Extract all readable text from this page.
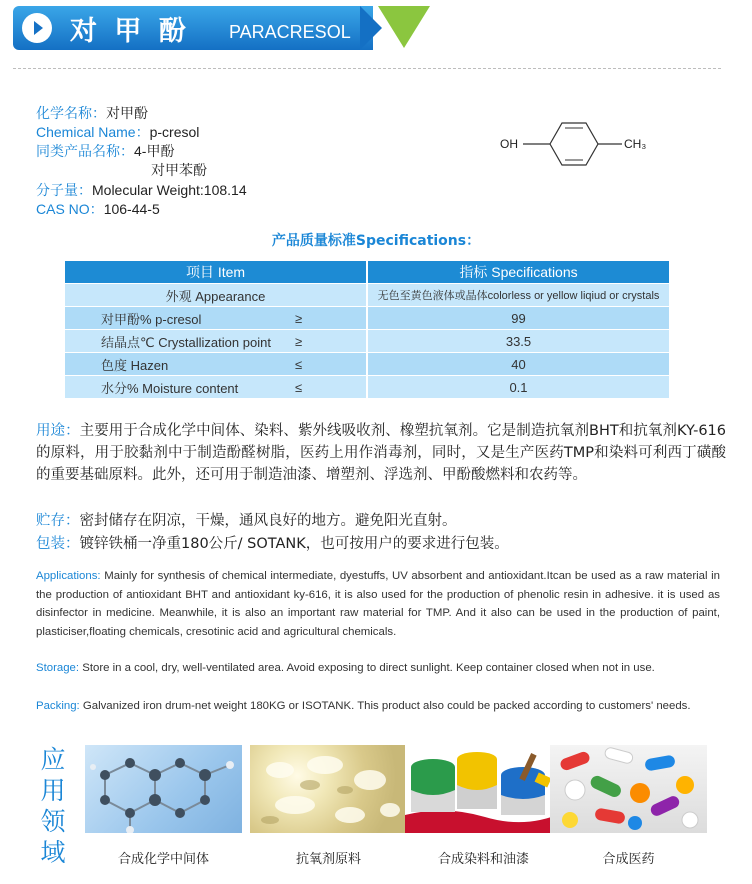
对 甲 酚 PARACRESOL
化学名称：对甲酚
Chemical Name：p-cresol
同类产品名称：4-甲酚
对甲苯酚
分子量：Molecular Weight:108.14
CAS NO：106-44-5
OH	CH₃
产品质量标准Specifications：
项目 Item		指标 Specifications
外观 Appearance		无色至黄色液体或晶体colorless or yellow liqiud or crystals
对甲酚% p-cresol	≥	99
结晶点℃ Crystallization point	≥	33.5
色度 Hazen	≤	40
水分% Moisture content	≤	0.1
用途：主要用于合成化学中间体、染料、紫外线吸收剂、橡塑抗氧剂。它是制造抗氧剂BHT和抗氧剂KY-616的原料，用于胶黏剂中于制造酚醛树脂，医药上用作消毒剂，同时，又是生产医药TMP和染料可利西丁磺酸的重要基础原料。此外，还可用于制造油漆、增塑剂、浮选剂、甲酚酸燃料和农药等。
贮存：密封储存在阴凉，干燥，通风良好的地方。避免阳光直射。
包装：镀锌铁桶一净重180公斤/ SOTANK，也可按用户的要求进行包装。
Applications: Mainly for synthesis of chemical intermediate, dyestuffs, UV absorbent and antioxidant.Itcan be used as a raw material in the production of antioxidant BHT and antioxidant ky-616, it is also used for the production of phenolic resin in adhesive. it is used as disinfector in medicine. Meanwhile, it is also an important raw material for TMP. And it also can be used in the production of paint, plasticiser,floating chemicals, cresotinic acid and agricultural chemicals.
Storage: Store in a cool, dry, well-ventilated area. Avoid exposing to direct sunlight. Keep container closed when not in use.
Packing: Galvanized iron drum-net weight 180KG or ISOTANK. This product also could be packed according to customers' needs.
应
用
领
域	合成化学中间体	抗氧剂原料	合成染料和油漆	合成医药
